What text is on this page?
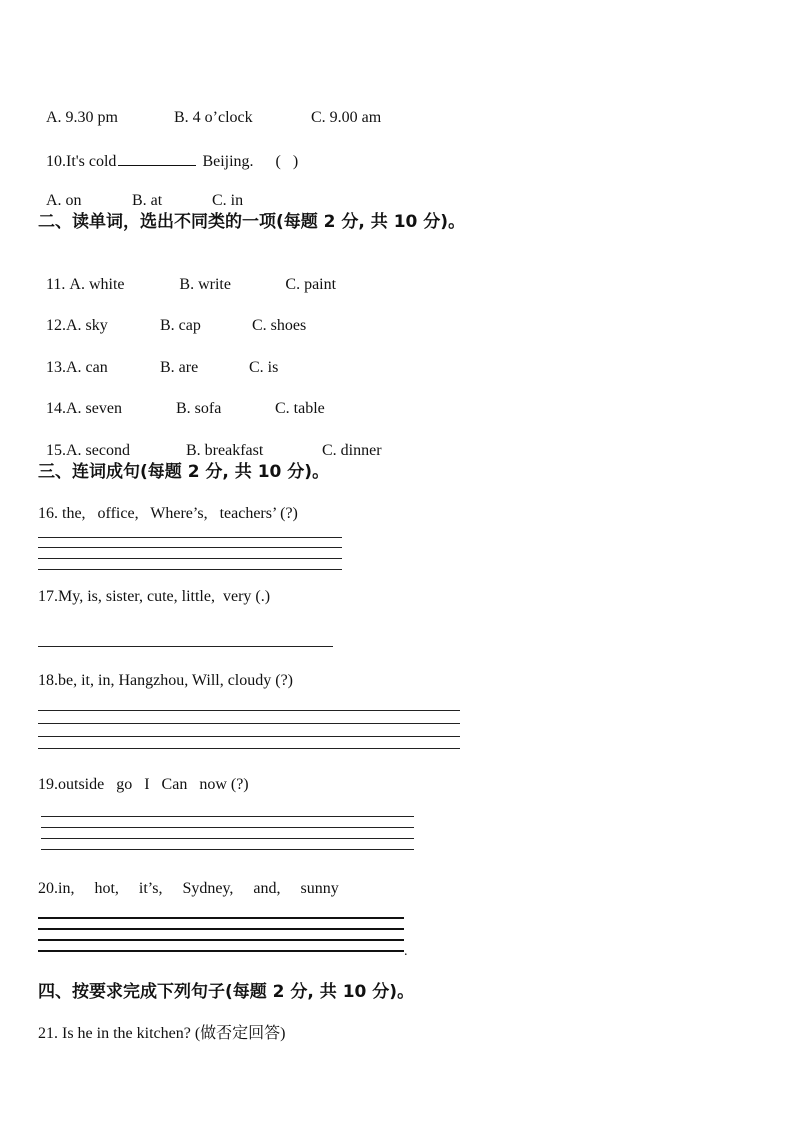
A. 9.30 pm	B. 4 o’clock	C. 9.00 am

10.It's cold	Beijing. (   )

A. on	B. at	C. in

二、读单词，选出不同类的一项(每题 2 分, 共 10 分)。

11. A. white	B. write	C. paint

12.A. sky	B. cap	C. shoes

13.A. can	B. are	C. is

14.A. seven	B. sofa	C. table

15.A. second	B. breakfast	C. dinner

三、连词成句(每题 2 分, 共 10 分)。
16. the,   office,   Where’s,   teachers’ (?)
17.My, is, sister, cute, little,  very (.)
18.be, it, in, Hangzhou, Will, cloudy (?)
19.outside   go   I   Can   now (?)
20.in,     hot,     it’s,     Sydney,     and,     sunny
.
四、按要求完成下列句子(每题 2 分, 共 10 分)。
21. Is he in the kitchen? (做否定回答)
